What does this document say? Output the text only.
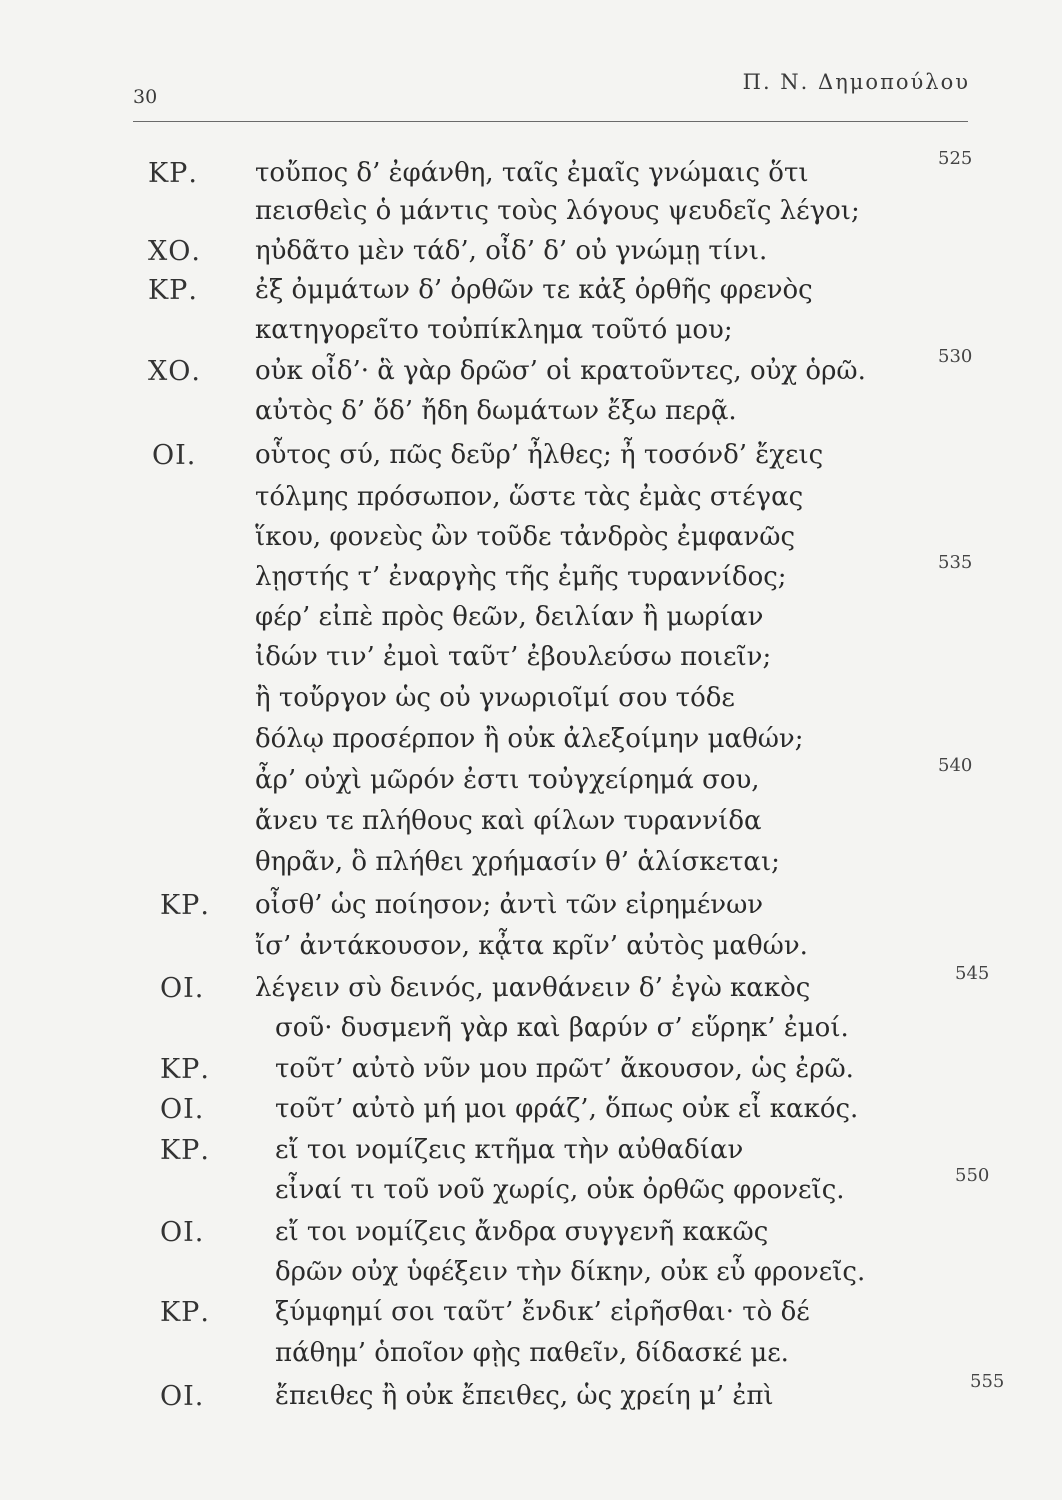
30
Π. Ν. Δημοπούλου
ΚΡ. τοὔπος δ’ ἐφάνθη, ταῖς ἐμαῖς γνώμαις ὅτι	525
πεισθεὶς ὁ μάντις τοὺς λόγους ψευδεῖς λέγοι;
ΧΟ. ηὐδᾶτο μὲν τάδ’, οἶδ’ δ’ οὐ γνώμῃ τίνι.
ΚΡ. ἐξ ὀμμάτων δ’ ὀρθῶν τε κἀξ ὀρθῆς φρενὸς
κατηγορεῖτο τοὐπίκλημα τοῦτό μου;
ΧΟ. οὐκ οἶδ’· ἃ γὰρ δρῶσ’ οἱ κρατοῦντες, οὐχ ὁρῶ.	530
αὐτὸς δ’ ὅδ’ ἤδη δωμάτων ἔξω περᾷ.
ΟΙ. οὗτος σύ, πῶς δεῦρ’ ἦλθες; ἦ τοσόνδ’ ἔχεις
τόλμης πρόσωπον, ὥστε τὰς ἐμὰς στέγας
ἵκου, φονεὺς ὢν τοῦδε τἀνδρὸς ἐμφανῶς
λῃστής τ’ ἐναργὴς τῆς ἐμῆς τυραννίδος;	535
φέρ’ εἰπὲ πρὸς θεῶν, δειλίαν ἢ μωρίαν
ἰδών τιν’ ἐμοὶ ταῦτ’ ἐβουλεύσω ποιεῖν;
ἢ τοὔργον ὡς οὐ γνωριοῖμί σου τόδε
δόλῳ προσέρπον ἢ οὐκ ἀλεξοίμην μαθών;
ἆρ’ οὐχὶ μῶρόν ἐστι τοὐγχείρημά σου,	540
ἄνευ τε πλήθους καὶ φίλων τυραννίδα
θηρᾶν, ὃ πλήθει χρήμασίν θ’ ἁλίσκεται;
ΚΡ. οἶσθ’ ὡς ποίησον; ἀντὶ τῶν εἰρημένων
ἴσ’ ἀντάκουσον, κᾆτα κρῖν’ αὐτὸς μαθών.
ΟΙ. λέγειν σὺ δεινός, μανθάνειν δ’ ἐγὼ κακὸς	545
σοῦ· δυσμενῆ γὰρ καὶ βαρύν σ’ εὕρηκ’ ἐμοί.
ΚΡ.	τοῦτ’ αὐτὸ νῦν μου πρῶτ’ ἄκουσον, ὡς ἐρῶ.
ΟΙ.	τοῦτ’ αὐτὸ μή μοι φράζ’, ὅπως οὐκ εἶ κακός.
ΚΡ.	εἴ τοι νομίζεις κτῆμα τὴν αὐθαδίαν
εἶναί τι τοῦ νοῦ χωρίς, οὐκ ὀρθῶς φρονεῖς.	550
ΟΙ.	εἴ τοι νομίζεις ἄνδρα συγγενῆ κακῶς
δρῶν οὐχ ὑφέξειν τὴν δίκην, οὐκ εὖ φρονεῖς.
ΚΡ.	ξύμφημί σοι ταῦτ’ ἔνδικ’ εἰρῆσθαι· τὸ δέ
πάθημ’ ὁποῖον φῂς παθεῖν, δίδασκέ με.
ΟΙ.	ἔπειθες ἢ οὐκ ἔπειθες, ὡς χρείη μ’ ἐπὶ	555
